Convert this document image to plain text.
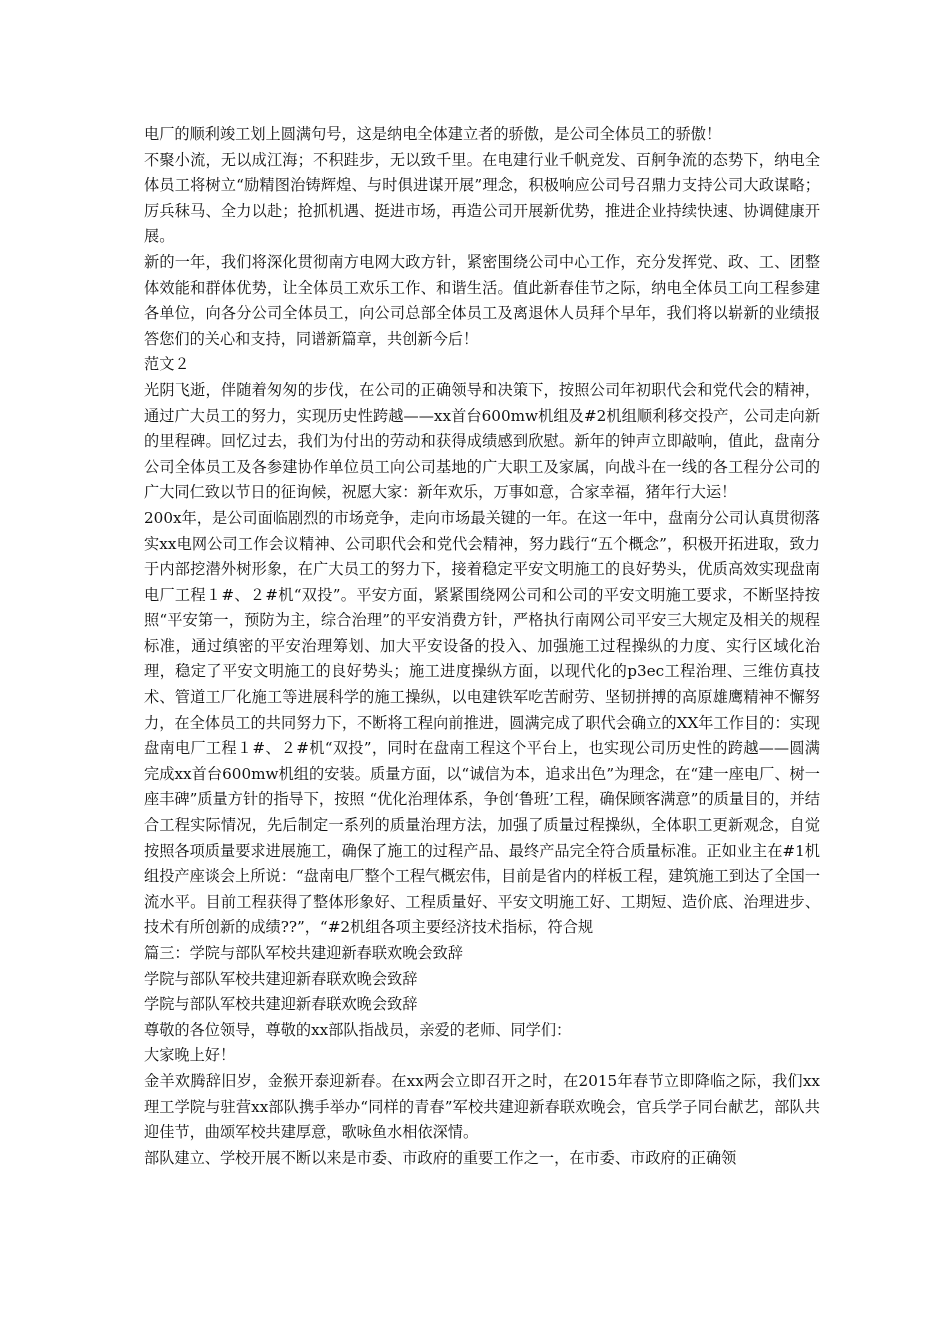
电厂的顺利竣工划上圆满句号，这是纳电全体建立者的骄傲，是公司全体员工的骄傲！

不聚小流，无以成江海；不积跬步，无以致千里。在电建行业千帆竞发、百舸争流的态势下，纳电全体员工将树立“励精图治铸辉煌、与时俱进谋开展”理念，积极响应公司号召鼎力支持公司大政谋略；厉兵秣马、全力以赴；抢抓机遇、挺进市场，再造公司开展新优势，推进企业持续快速、协调健康开展。

新的一年，我们将深化贯彻南方电网大政方针，紧密围绕公司中心工作，充分发挥党、政、工、团整体效能和群体优势，让全体员工欢乐工作、和谐生活。值此新春佳节之际，纳电全体员工向工程参建各单位，向各分公司全体员工，向公司总部全体员工及离退休人员拜个早年，我们将以崭新的业绩报答您们的关心和支持，同谱新篇章，共创新今后！

范文２

光阴飞逝，伴随着匆匆的步伐，在公司的正确领导和决策下，按照公司年初职代会和党代会的精神，通过广大员工的努力，实现历史性跨越——xx首台600mw机组及#2机组顺利移交投产，公司走向新的里程碑。回忆过去，我们为付出的劳动和获得成绩感到欣慰。新年的钟声立即敲响，值此，盘南分公司全体员工及各参建协作单位员工向公司基地的广大职工及家属，向战斗在一线的各工程分公司的广大同仁致以节日的征询候，祝愿大家：新年欢乐，万事如意，合家幸福，猪年行大运！

200x年，是公司面临剧烈的市场竞争，走向市场最关键的一年。在这一年中，盘南分公司认真贯彻落实xx电网公司工作会议精神、公司职代会和党代会精神，努力践行“五个概念”，积极开拓进取，致力于内部挖潜外树形象，在广大员工的努力下，接着稳定平安文明施工的良好势头，优质高效实现盘南电厂工程１#、２#机“双投”。平安方面，紧紧围绕网公司和公司的平安文明施工要求，不断坚持按照“平安第一，预防为主，综合治理”的平安消费方针，严格执行南网公司平安三大规定及相关的规程标准，通过缜密的平安治理筹划、加大平安设备的投入、加强施工过程操纵的力度、实行区域化治理，稳定了平安文明施工的良好势头；施工进度操纵方面，以现代化的p3ec工程治理、三维仿真技术、管道工厂化施工等进展科学的施工操纵，以电建铁军吃苦耐劳、坚韧拼搏的高原雄鹰精神不懈努力，在全体员工的共同努力下，不断将工程向前推进，圆满完成了职代会确立的XX年工作目的：实现盘南电厂工程１#、２#机“双投”，同时在盘南工程这个平台上，也实现公司历史性的跨越——圆满完成xx首台600mw机组的安装。质量方面，以“诚信为本，追求出色”为理念，在“建一座电厂、树一座丰碑”质量方针的指导下，按照 “优化治理体系，争创‘鲁班’工程，确保顾客满意”的质量目的，并结合工程实际情况，先后制定一系列的质量治理方法，加强了质量过程操纵，全体职工更新观念，自觉按照各项质量要求进展施工，确保了施工的过程产品、最终产品完全符合质量标准。正如业主在#1机组投产座谈会上所说：“盘南电厂整个工程气概宏伟，目前是省内的样板工程，建筑施工到达了全国一流水平。目前工程获得了整体形象好、工程质量好、平安文明施工好、工期短、造价底、治理进步、技术有所创新的成绩??”，“#2机组各项主要经济技术指标，符合规

篇三：学院与部队军校共建迎新春联欢晚会致辞

学院与部队军校共建迎新春联欢晚会致辞

学院与部队军校共建迎新春联欢晚会致辞

尊敬的各位领导，尊敬的xx部队指战员，亲爱的老师、同学们：

大家晚上好！

金羊欢腾辞旧岁，金猴开泰迎新春。在xx两会立即召开之时，在2015年春节立即降临之际，我们xx理工学院与驻营xx部队携手举办“同样的青春”军校共建迎新春联欢晚会，官兵学子同台献艺，部队共迎佳节，曲颂军校共建厚意，歌咏鱼水相依深情。

部队建立、学校开展不断以来是市委、市政府的重要工作之一，在市委、市政府的正确领
